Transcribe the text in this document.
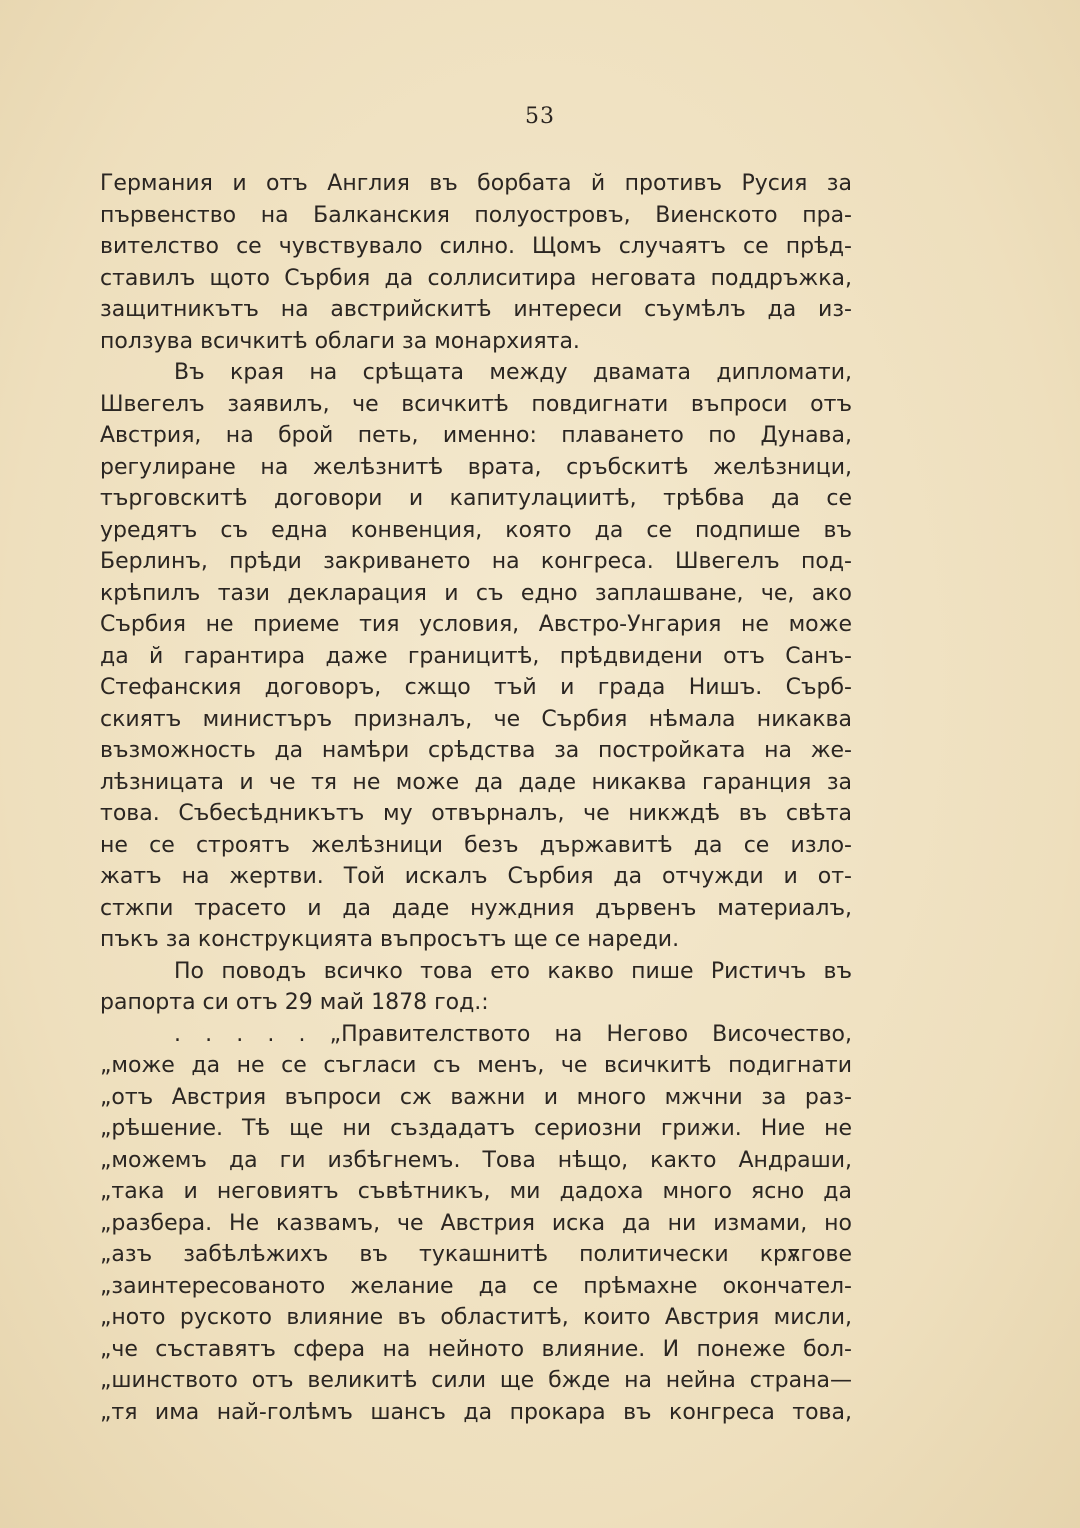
53
Германия и отъ Англия въ борбата й противъ Русия за
първенство на Балканския полуостровъ, Виенското пра-
вителство се чувствувало силно. Щомъ случаятъ се прѣд-
ставилъ щото Сърбия да соллиситира неговата поддръжка,
защитникътъ на австрийскитѣ интереси съумѣлъ да из-
ползува всичкитѣ облаги за монархията.
Въ края на срѣщата между двамата дипломати,
Швегелъ заявилъ, че всичкитѣ повдигнати въпроси отъ
Австрия, на брой петь, именно: плаването по Дунава,
регулиране на желѣзнитѣ врата, сръбскитѣ желѣзници,
търговскитѣ договори и капитулациитѣ, трѣбва да се
уредятъ съ една конвенция, която да се подпише въ
Берлинъ, прѣди закриването на конгреса. Швегелъ под-
крѣпилъ тази декларация и съ едно заплашване, че, ако
Сърбия не приеме тия условия, Австро-Унгария не може
да й гарантира даже границитѣ, прѣдвидени отъ Санъ-
Стефанския договоръ, сжщо тъй и града Нишъ. Сърб-
скиятъ министъръ призналъ, че Сърбия нѣмала никаква
възможность да намѣри срѣдства за постройката на же-
лѣзницата и че тя не може да даде никаква гаранция за
това. Събесѣдникътъ му отвърналъ, че никждѣ въ свѣта
не се строятъ желѣзници безъ държавитѣ да се изло-
жатъ на жертви. Той искалъ Сърбия да отчужди и от-
стжпи трасето и да даде нуждния дървенъ материалъ,
пъкъ за конструкцията въпросътъ ще се нареди.
По поводъ всичко това ето какво пише Ристичъ въ
рапорта си отъ 29 май 1878 год.:
. . . . . „Правителството на Негово Височество,
„може да не се съгласи съ менъ, че всичкитѣ подигнати
„отъ Австрия въпроси сж важни и много мжчни за раз-
„рѣшение. Тѣ ще ни създадатъ сериозни грижи. Ние не
„можемъ да ги избѣгнемъ. Това нѣщо, както Андраши,
„така и неговиятъ съвѣтникъ, ми дадоха много ясно да
„разбера. Не казвамъ, че Австрия иска да ни измами, но
„азъ забѣлѣжихъ въ тукашнитѣ политически крѫгове
„заинтересованото желание да се прѣмахне окончател-
„ното руското влияние въ областитѣ, които Австрия мисли,
„че съставятъ сфера на нейното влияние. И понеже бол-
„шинството отъ великитѣ сили ще бжде на нейна страна—
„тя има най-голѣмъ шансъ да прокара въ конгреса това,
